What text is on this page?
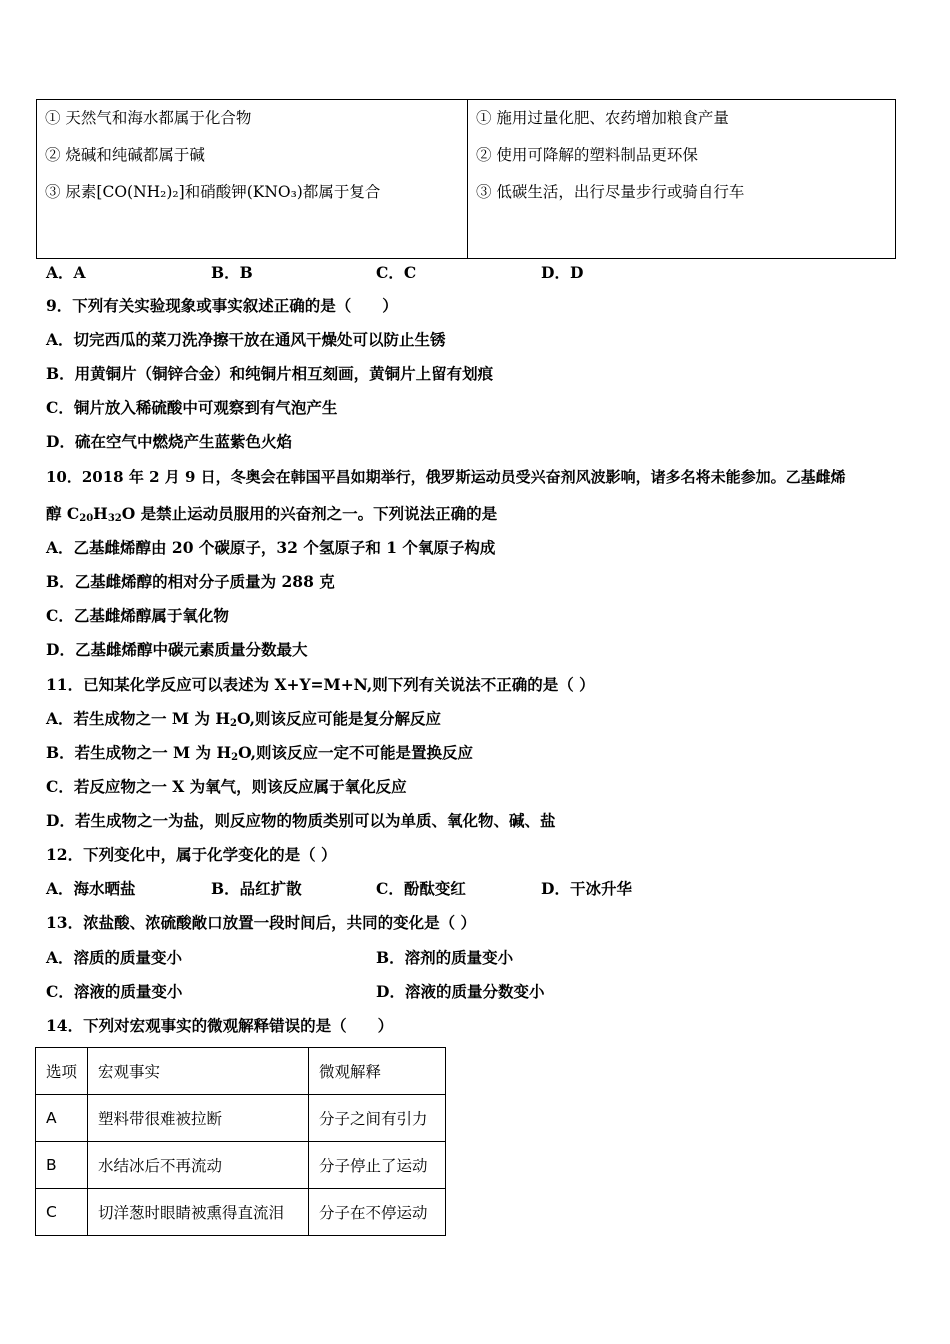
① 天然气和海水都属于化合物
② 烧碱和纯碱都属于碱
③ 尿素[CO(NH₂)₂]和硝酸钾(KNO₃)都属于复合
① 施用过量化肥、农药增加粮食产量
② 使用可降解的塑料制品更环保
③ 低碳生活，出行尽量步行或骑自行车
A．A	B．B	C．C	D．D
9．下列有关实验现象或事实叙述正确的是（　　）
A．切完西瓜的菜刀洗净擦干放在通风干燥处可以防止生锈
B．用黄铜片（铜锌合金）和纯铜片相互刻画，黄铜片上留有划痕
C．铜片放入稀硫酸中可观察到有气泡产生
D．硫在空气中燃烧产生蓝紫色火焰
10．2018 年 2 月 9 日，冬奥会在韩国平昌如期举行，俄罗斯运动员受兴奋剂风波影响，诸多名将未能参加。乙基雌烯
醇 $C_{20}H_{32}O$ 是禁止运动员服用的兴奋剂之一。下列说法正确的是
A．乙基雌烯醇由 20 个碳原子，32 个氢原子和 1 个氧原子构成
B．乙基雌烯醇的相对分子质量为 288 克
C．乙基雌烯醇属于氧化物
D．乙基雌烯醇中碳元素质量分数最大
11．已知某化学反应可以表述为 X+Y=M+N,则下列有关说法不正确的是（ ）
A．若生成物之一 M 为 $H_2O$,则该反应可能是复分解反应
B．若生成物之一 M 为 $H_2O$,则该反应一定不可能是置换反应
C．若反应物之一 X 为氧气，则该反应属于氧化反应
D．若生成物之一为盐，则反应物的物质类别可以为单质、氧化物、碱、盐
12．下列变化中，属于化学变化的是（ ）
A．海水晒盐	B．品红扩散	C．酚酞变红	D．干冰升华
13．浓盐酸、浓硫酸敞口放置一段时间后，共同的变化是（ ）
A．溶质的质量变小	B．溶剂的质量变小
C．溶液的质量变小	D．溶液的质量分数变小
14．下列对宏观事实的微观解释错误的是（　　）
选项	宏观事实	微观解释
A	塑料带很难被拉断	分子之间有引力
B	水结冰后不再流动	分子停止了运动
C	切洋葱时眼睛被熏得直流泪	分子在不停运动
